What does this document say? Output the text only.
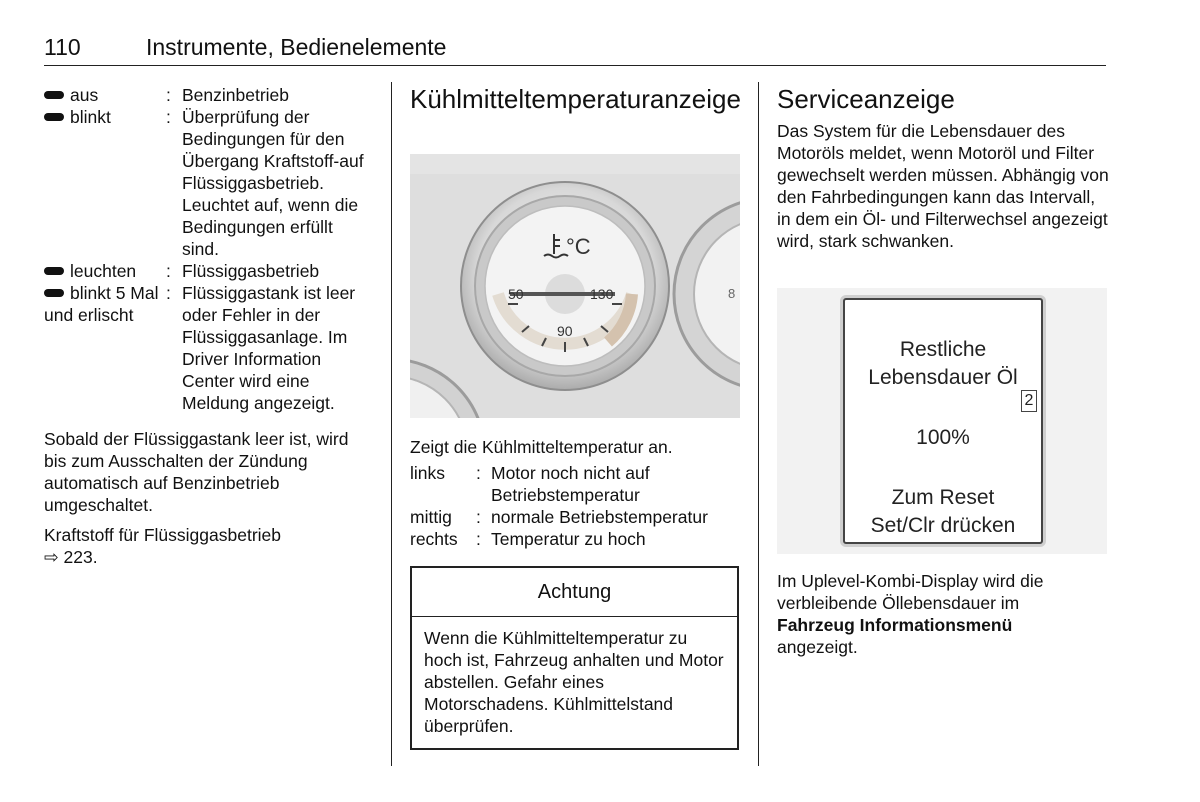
110	Instrumente, Bedienelemente
aus	:	Benzinbetrieb
blinkt	:	Überprüfung der Bedingungen für den Übergang Kraftstoff-auf Flüssiggasbetrieb. Leuchtet auf, wenn die Bedingungen erfüllt sind.
leuchten	:	Flüssiggasbetrieb
blinkt 5 Mal und erlischt	:	Flüssiggastank ist leer oder Fehler in der Flüssiggasanlage. Im Driver Information Center wird eine Meldung angezeigt.

Sobald der Flüssiggastank leer ist, wird bis zum Ausschalten der Zündung automatisch auf Benzinbetrieb umgeschaltet.

Kraftstoff für Flüssiggasbetrieb

⇨ 223.

Kühlmitteltemperaturanzeige
8
50	130
90
°C

Zeigt die Kühlmitteltemperatur an.

links	:	Motor noch nicht auf Betriebstemperatur
mittig	:	normale Betriebstemperatur
rechts	:	Temperatur zu hoch
Achtung
Wenn die Kühlmitteltemperatur zu hoch ist, Fahrzeug anhalten und Motor abstellen. Gefahr eines Motorschadens. Kühlmittelstand überprüfen.
Serviceanzeige

Das System für die Lebensdauer des Motoröls meldet, wenn Motoröl und Filter gewechselt werden müssen. Abhängig von den Fahrbedingungen kann das Intervall, in dem ein Öl- und Filterwechsel angezeigt wird, stark schwanken.

Restliche
Lebensdauer Öl
2
100%
Zum Reset
Set/Clr drücken

Im Uplevel-Kombi-Display wird die verbleibende Öllebensdauer im Fahrzeug Informationsmenü angezeigt.
